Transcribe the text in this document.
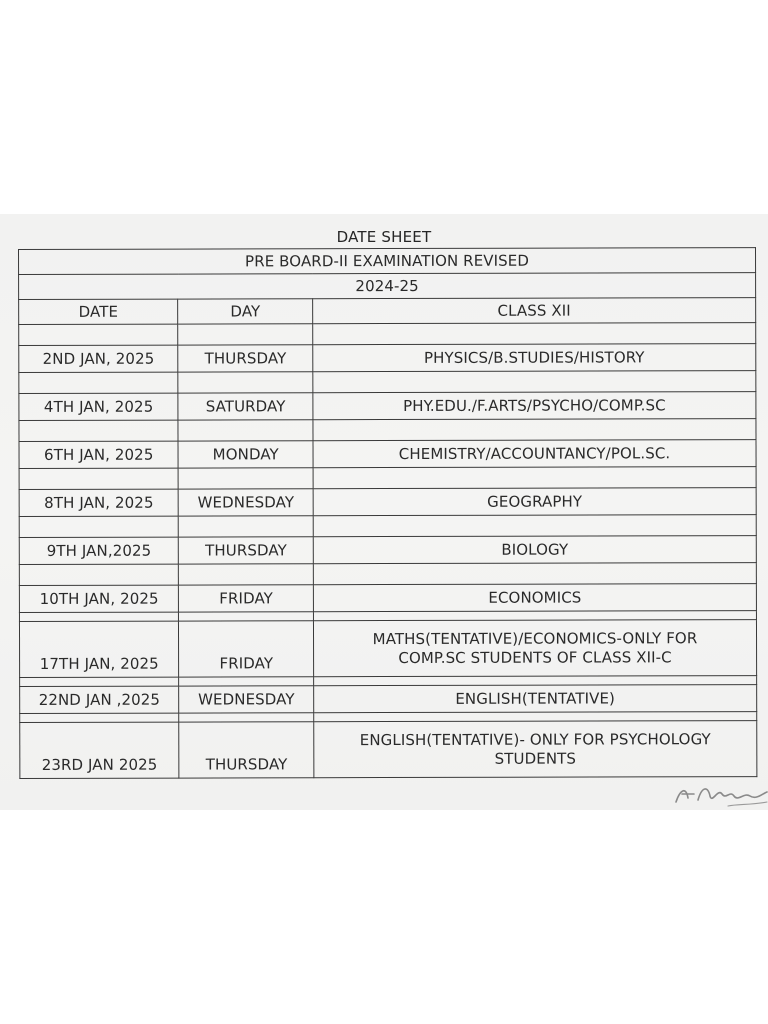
DATE SHEET
PRE BOARD-II EXAMINATION REVISED		
2024-25		
DATE	DAY	CLASS XII

2ND JAN, 2025	THURSDAY	PHYSICS/B.STUDIES/HISTORY

4TH JAN, 2025	SATURDAY	PHY.EDU./F.ARTS/PSYCHO/COMP.SC

6TH JAN, 2025	MONDAY	CHEMISTRY/ACCOUNTANCY/POL.SC.

8TH JAN, 2025	WEDNESDAY	GEOGRAPHY

9TH JAN,2025	THURSDAY	BIOLOGY

10TH JAN, 2025	FRIDAY	ECONOMICS

17TH JAN, 2025	FRIDAY	MATHS(TENTATIVE)/ECONOMICS-ONLY FOR
COMP.SC STUDENTS OF CLASS XII-C

22ND JAN ,2025	WEDNESDAY	ENGLISH(TENTATIVE)

23RD JAN 2025	THURSDAY	ENGLISH(TENTATIVE)- ONLY FOR PSYCHOLOGY
STUDENTS
